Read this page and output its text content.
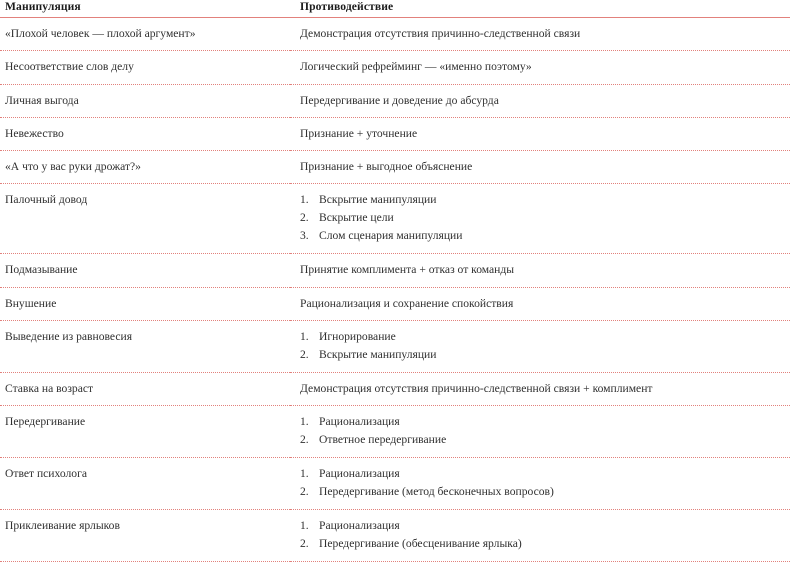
Манипуляция	Противодействие
«Плохой человек — плохой аргумент»	Демонстрация отсутствия причинно-следственной связи

Несоответствие слов делу	Логический рефрейминг — «именно поэтому»

Личная выгода	Передергивание и доведение до абсурда

Невежество	Признание + уточнение

«А что у вас руки дрожат?»	Признание + выгодное объяснение

Палочный довод	Вскрытие манипуляции
Вскрытие цели
Слом сценария манипуляции

Подмазывание	Принятие комплимента + отказ от команды

Внушение	Рационализация и сохранение спокойствия

Выведение из равновесия	Игнорирование
Вскрытие манипуляции

Ставка на возраст	Демонстрация отсутствия причинно-следственной связи + комплимент

Передергивание	Рационализация
Ответное передергивание

Ответ психолога	Рационализация
Передергивание (метод бесконечных вопросов)

Приклеивание ярлыков	Рационализация
Передергивание (обесценивание ярлыка)
